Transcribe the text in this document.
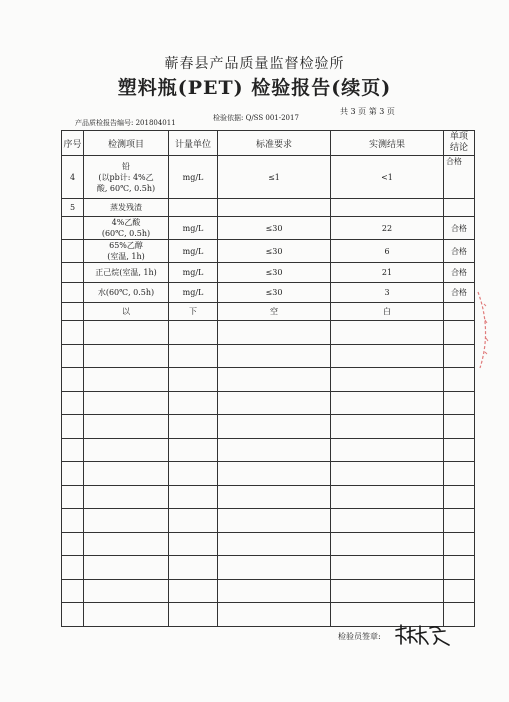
蕲春县产品质量监督检验所
塑料瓶(PET) 检验报告(续页)
共 3 页 第 3 页
产品质检报告编号: 201804011
检验依据: Q/SS 001-2017
序号	检测项目	计量单位	标准要求	实测结果	单项
结论

4	铅
(以pb计: 4%乙
酸, 60℃, 0.5h)	mg/L	≤1	<1	合格
5	蒸发残渣				

	4%乙酸
(60℃, 0.5h)	mg/L	≤30	22	合格

	65%乙醇
(室温, 1h)	mg/L	≤30	6	合格
	正己烷(室温, 1h)	mg/L	≤30	21	合格
	水(60℃, 0.5h)	mg/L	≤30	3	合格
	以	下	空	白	

检验员签章:
